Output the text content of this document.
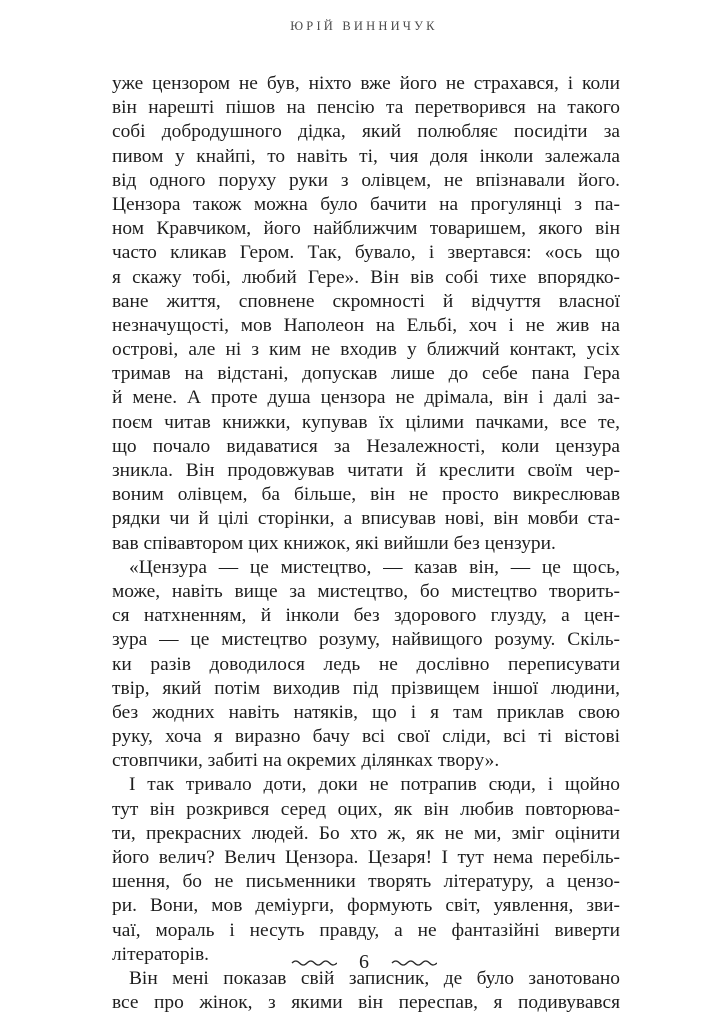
ЮРІЙ ВИННИЧУК
уже цензором не був, ніхто вже його не страхався, і коли
він нарешті пішов на пенсію та перетворився на такого
собі добродушного дідка, який полюбляє посидіти за
пивом у кнайпі, то навіть ті, чия доля інколи залежала
від одного поруху руки з олівцем, не впізнавали його.
Цензора також можна було бачити на прогулянці з па-
ном Кравчиком, його найближчим товаришем, якого він
часто кликав Гером. Так, бувало, і звертався: «ось що
я скажу тобі, любий Гере». Він вів собі тихе впорядко-
ване життя, сповнене скромності й відчуття власної
незначущості, мов Наполеон на Ельбі, хоч і не жив на
острові, але ні з ким не входив у ближчий контакт, усіх
тримав на відстані, допускав лише до себе пана Гера
й мене. А проте душа цензора не дрімала, він і далі за-
поєм читав книжки, купував їх цілими пачками, все те,
що почало видаватися за Незалежності, коли цензура
зникла. Він продовжував читати й креслити своїм чер-
воним олівцем, ба більше, він не просто викреслював
рядки чи й цілі сторінки, а вписував нові, він мовби ста-
вав співавтором цих книжок, які вийшли без цензури.
«Цензура — це мистецтво, — казав він, — це щось,
може, навіть вище за мистецтво, бо мистецтво творить-
ся натхненням, й інколи без здорового глузду, а цен-
зура — це мистецтво розуму, найвищого розуму. Скіль-
ки разів доводилося ледь не дослівно переписувати
твір, який потім виходив під прізвищем іншої людини,
без жодних навіть натяків, що і я там приклав свою
руку, хоча я виразно бачу всі свої сліди, всі ті вістові
стовпчики, забиті на окремих ділянках твору».
І так тривало доти, доки не потрапив сюди, і щойно
тут він розкрився серед оцих, як він любив повторюва-
ти, прекрасних людей. Бо хто ж, як не ми, зміг оцінити
його велич? Велич Цензора. Цезаря! І тут нема перебіль-
шення, бо не письменники творять літературу, а цензо-
ри. Вони, мов деміурги, формують світ, уявлення, зви-
чаї, мораль і несуть правду, а не фантазійні виверти
літераторів.
Він мені показав свій записник, де було занотовано
все про жінок, з якими він переспав, я подивувався
6
